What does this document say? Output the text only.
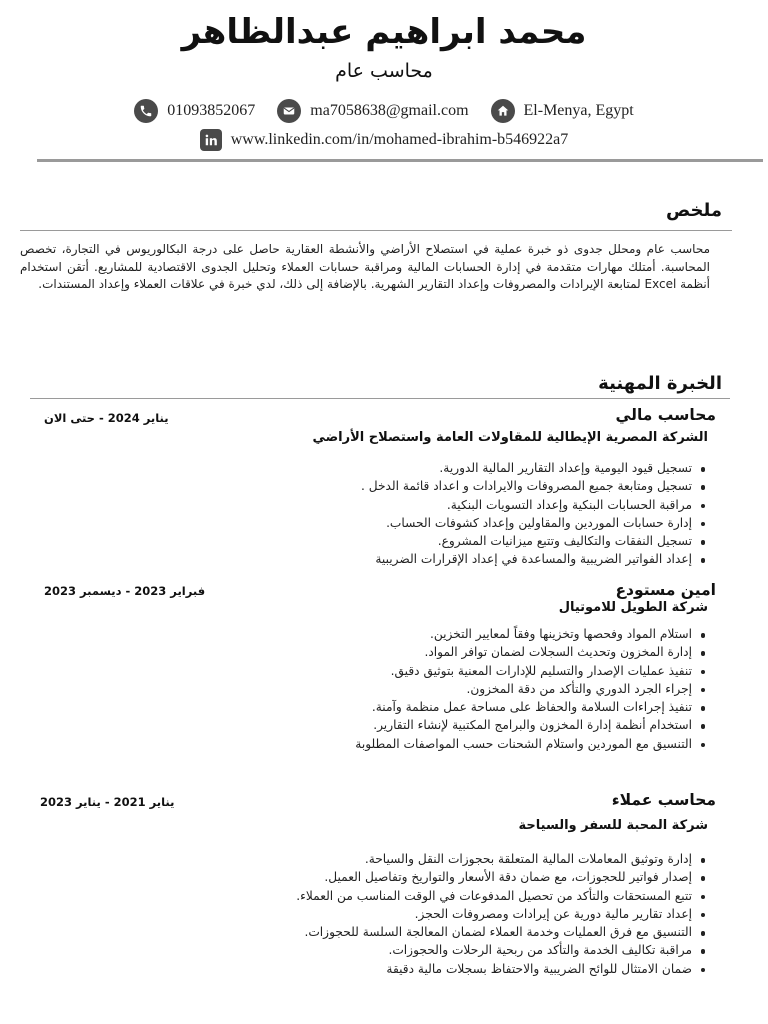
محمد ابراهيم عبدالظاهر
محاسب عام
01093852067	ma7058638@gmail.com	El-Menya, Egypt
www.linkedin.com/in/mohamed-ibrahim-b546922a7
ملخص
محاسب عام ومحلل جدوى ذو خبرة عملية في استصلاح الأراضي والأنشطة العقارية حاصل على درجة البكالوريوس في التجارة، تخصص المحاسبة. أمتلك مهارات متقدمة في إدارة الحسابات المالية ومراقبة حسابات العملاء وتحليل الجدوى الاقتصادية للمشاريع. أتقن استخدام أنظمة Excel لمتابعة الإيرادات والمصروفات وإعداد التقارير الشهرية. بالإضافة إلى ذلك، لدي خبرة في علاقات العملاء وإعداد المستندات.
الخبرة المهنية
محاسب مالي
يناير 2024 - حتى الان
الشركة المصرية الإيطالية للمقاولات العامة واستصلاح الأراضي
تسجيل قيود اليومية وإعداد التقارير المالية الدورية.
تسجيل ومتابعة جميع المصروفات والايرادات و اعداد قائمة الدخل .
مراقبة الحسابات البنكية وإعداد التسويات البنكية.
إدارة حسابات الموردين والمقاولين وإعداد كشوفات الحساب.
تسجيل النفقات والتكاليف وتتبع ميزانيات المشروع.
إعداد الفواتير الضريبية والمساعدة في إعداد الإقرارات الضريبية
امين مستودع
فبراير 2023 - ديسمبر 2023
شركة الطويل للاموتيال
استلام المواد وفحصها وتخزينها وفقاً لمعايير التخزين.
إدارة المخزون وتحديث السجلات لضمان توافر المواد.
تنفيذ عمليات الإصدار والتسليم للإدارات المعنية بتوثيق دقيق.
إجراء الجرد الدوري والتأكد من دقة المخزون.
تنفيذ إجراءات السلامة والحفاظ على مساحة عمل منظمة وآمنة.
استخدام أنظمة إدارة المخزون والبرامج المكتبية لإنشاء التقارير.
التنسيق مع الموردين واستلام الشحنات حسب المواصفات المطلوبة
محاسب عملاء
يناير 2021 - يناير 2023
شركة المحبة للسفر والسياحة
إدارة وتوثيق المعاملات المالية المتعلقة بحجوزات النقل والسياحة.
إصدار فواتير للحجوزات، مع ضمان دقة الأسعار والتواريخ وتفاصيل العميل.
تتبع المستحقات والتأكد من تحصيل المدفوعات في الوقت المناسب من العملاء.
إعداد تقارير مالية دورية عن إيرادات ومصروفات الحجز.
التنسيق مع فرق العمليات وخدمة العملاء لضمان المعالجة السلسة للحجوزات.
مراقبة تكاليف الخدمة والتأكد من ربحية الرحلات والحجوزات.
ضمان الامتثال للوائح الضريبية والاحتفاظ بسجلات مالية دقيقة
